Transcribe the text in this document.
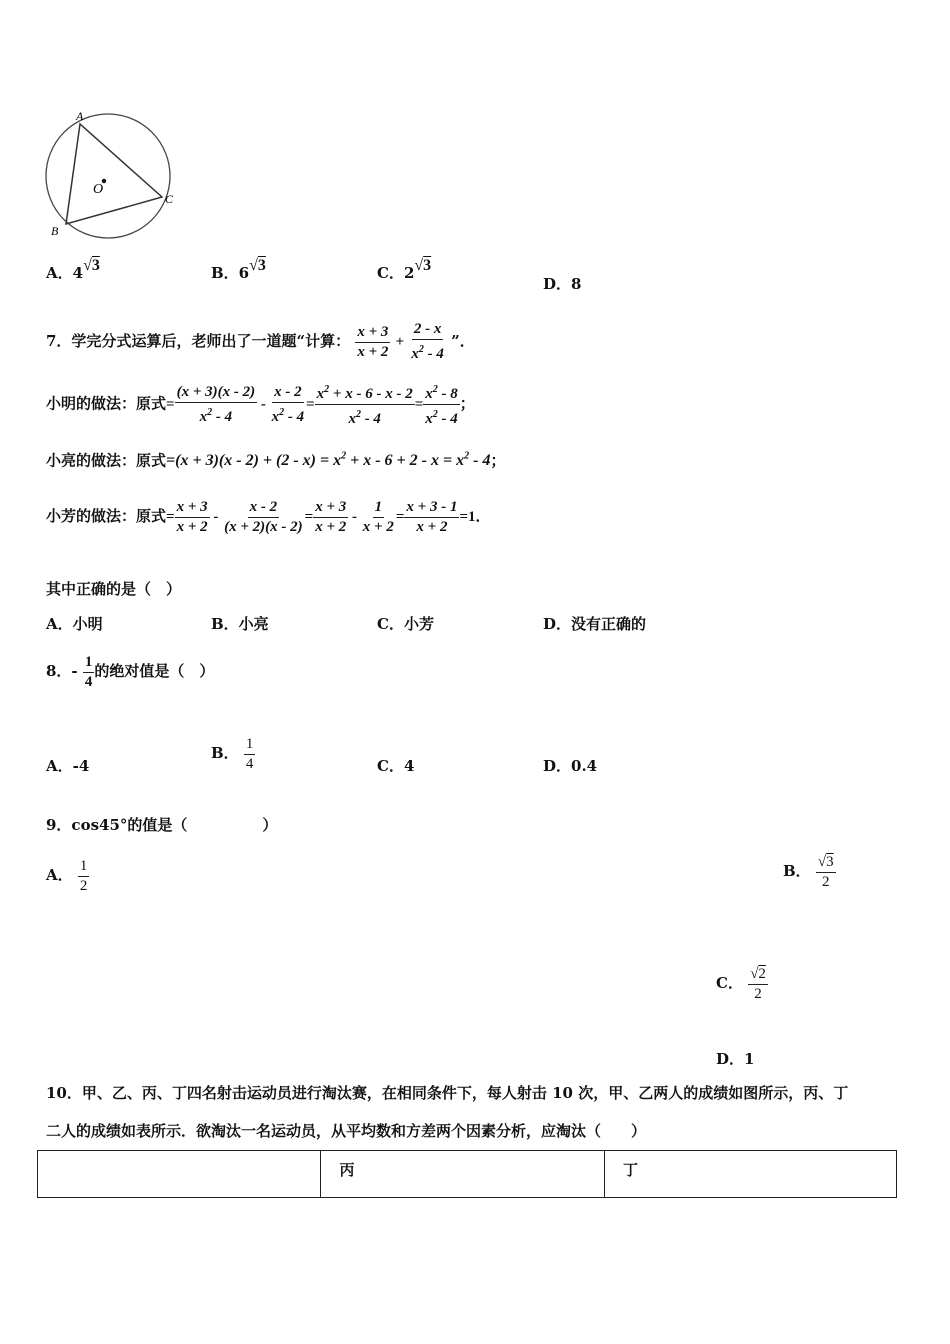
A
B
C
O
A．4√3	B．6√3	C．2√3
D．8
7．学完分式运算后，老师出了一道题“计算： $\frac{x + 3}{x + 2} + \frac{2 - x}{x^2 - 4}$ ”．
小明的做法：原式= $\frac{(x + 3)(x - 2)}{x^2 - 4} - \frac{x - 2}{x^2 - 4} = \frac{x^2 + x - 6 - x - 2}{x^2 - 4} = \frac{x^2 - 8}{x^2 - 4}$ ；
小亮的做法：原式$=(x + 3)(x - 2) + (2 - x) = x^2 + x - 6 + 2 - x = x^2 - 4$；
小芳的做法：原式= $\frac{x + 3}{x + 2} - \frac{x - 2}{(x + 2)(x - 2)} = \frac{x + 3}{x + 2} - \frac{1}{x + 2} = \frac{x + 3 - 1}{x + 2} =1$．
其中正确的是（　）
A．小明	B．小亮	C．小芳	D．没有正确的
8．- $\frac{1}{4}$ 的绝对值是（　）
A．-4
B． $\frac{1}{4}$	C．4	D．0.4
9．cos45°的值是（　　　　　）
A． $\frac{1}{2}$	B． $\frac{√3}{2}$
C． $\frac{√2}{2}$
D．1
10．甲、乙、丙、丁四名射击运动员进行淘汰赛，在相同条件下，每人射击 10 次，甲、乙两人的成绩如图所示，丙、丁
二人的成绩如表所示．欲淘汰一名运动员，从平均数和方差两个因素分析，应淘汰（　　）
	丙	丁
